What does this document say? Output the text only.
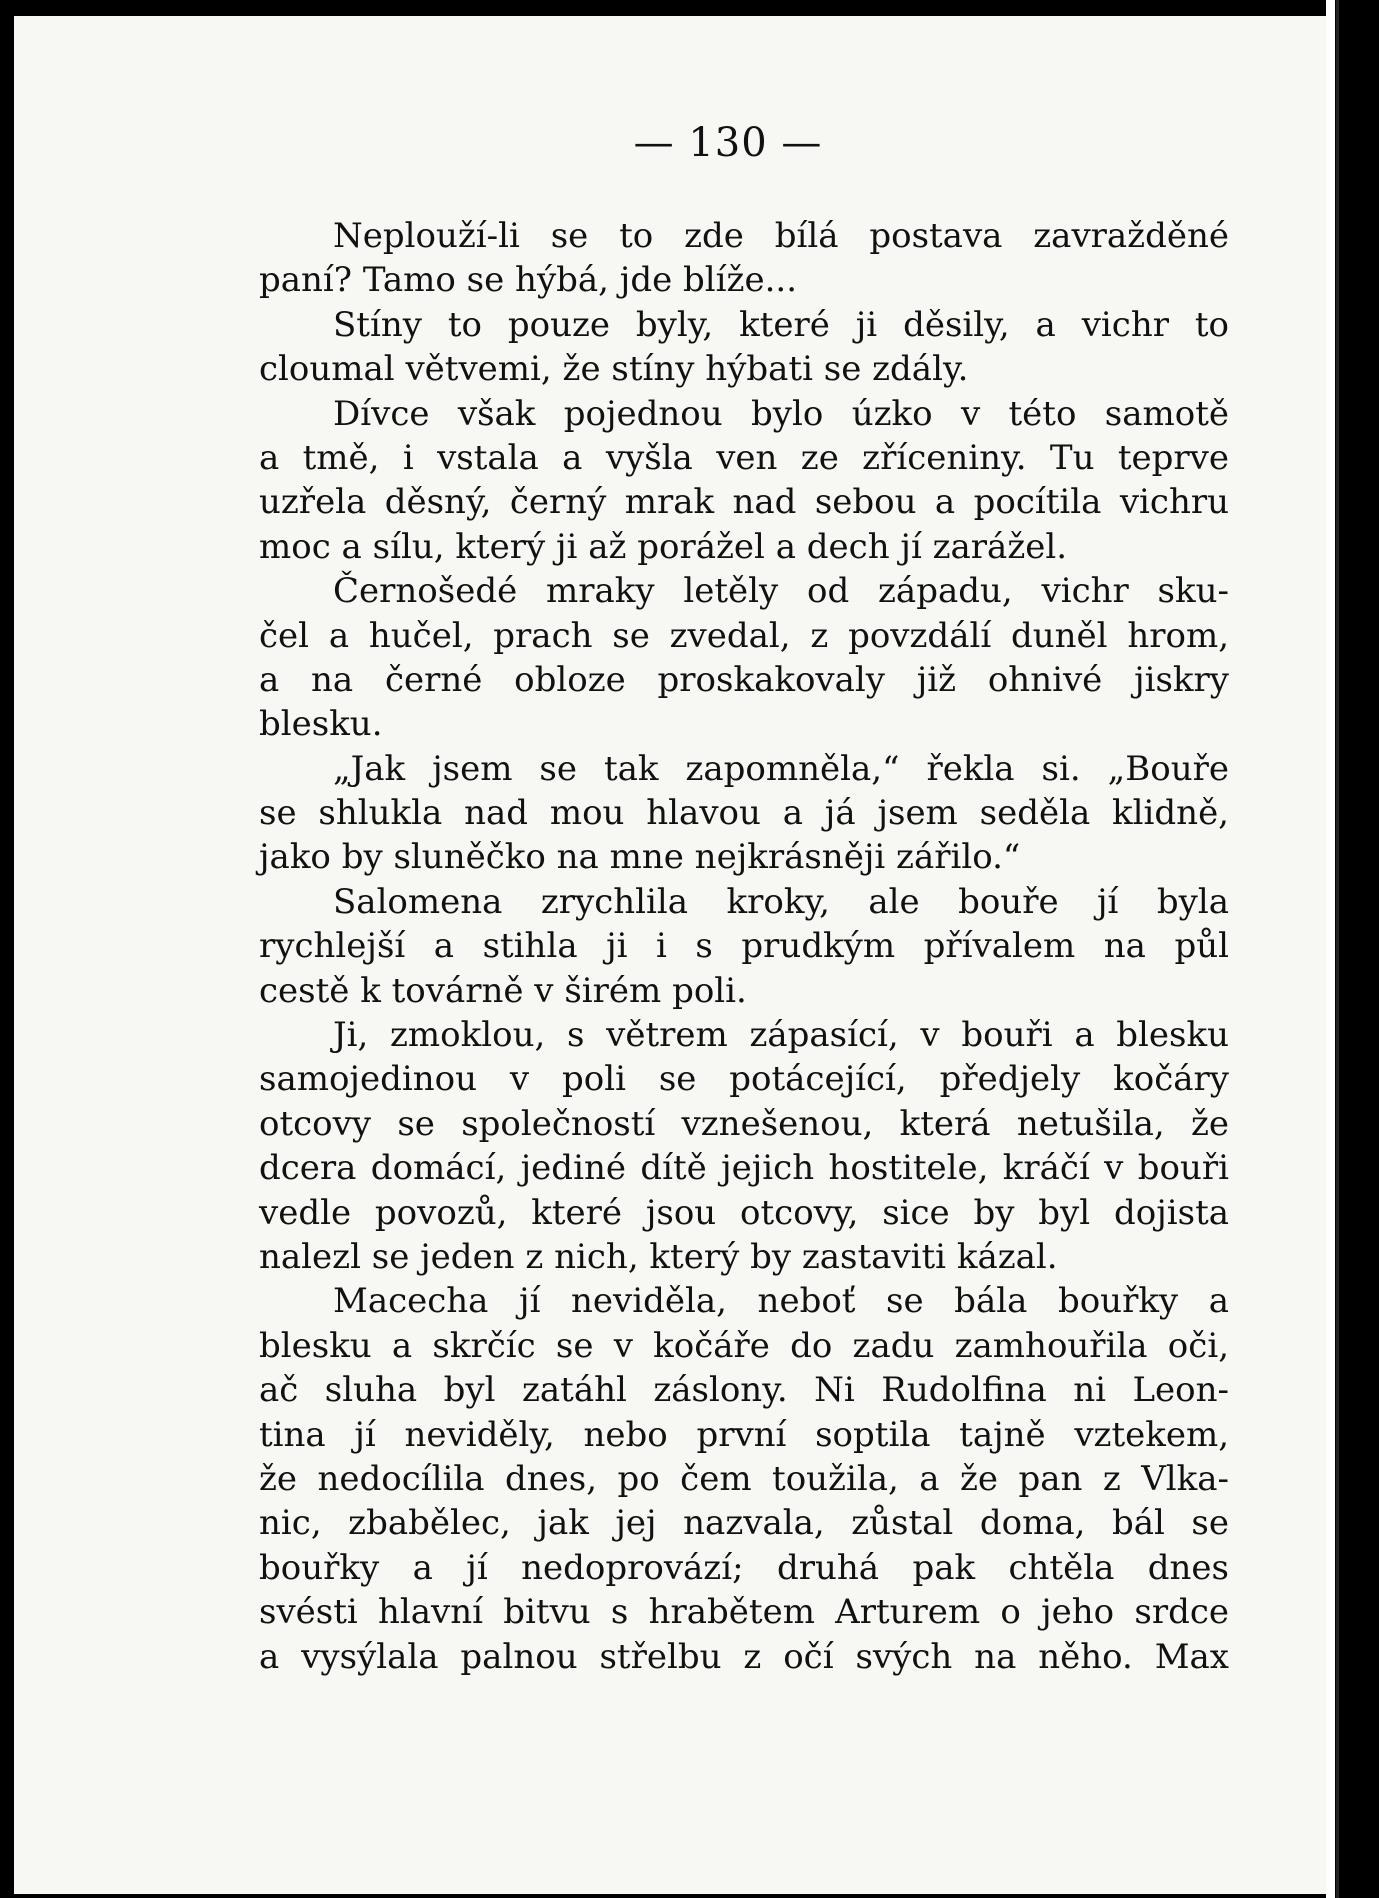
— 130 —
Neplouží-li se to zde bílá postava zavražděné
paní? Tamo se hýbá, jde blíže...
Stíny to pouze byly, které ji děsily, a vichr to
cloumal větvemi, že stíny hýbati se zdály.
Dívce však pojednou bylo úzko v této samotě
a tmě, i vstala a vyšla ven ze zříceniny. Tu teprve
uzřela děsný, černý mrak nad sebou a pocítila vichru
moc a sílu, který ji až porážel a dech jí zarážel.
Černošedé mraky letěly od západu, vichr sku-
čel a hučel, prach se zvedal, z povzdálí duněl hrom,
a na černé obloze proskakovaly již ohnivé jiskry
blesku.
„Jak jsem se tak zapomněla,“ řekla si. „Bouře
se shlukla nad mou hlavou a já jsem seděla klidně,
jako by sluněčko na mne nejkrásněji zářilo.“
Salomena zrychlila kroky, ale bouře jí byla
rychlejší a stihla ji i s prudkým přívalem na půl
cestě k továrně v širém poli.
Ji, zmoklou, s větrem zápasící, v bouři a blesku
samojedinou v poli se potácející, předjely kočáry
otcovy se společností vznešenou, která netušila, že
dcera domácí, jediné dítě jejich hostitele, kráčí v bouři
vedle povozů, které jsou otcovy, sice by byl dojista
nalezl se jeden z nich, který by zastaviti kázal.
Macecha jí neviděla, neboť se bála bouřky a
blesku a skrčíc se v kočáře do zadu zamhouřila oči,
ač sluha byl zatáhl záslony. Ni Rudolfina ni Leon-
tina jí neviděly, nebo první soptila tajně vztekem,
že nedocílila dnes, po čem toužila, a že pan z Vlka-
nic, zbabělec, jak jej nazvala, zůstal doma, bál se
bouřky a jí nedoprovází; druhá pak chtěla dnes
svésti hlavní bitvu s hrabětem Arturem o jeho srdce
a vysýlala palnou střelbu z očí svých na něho. Max
